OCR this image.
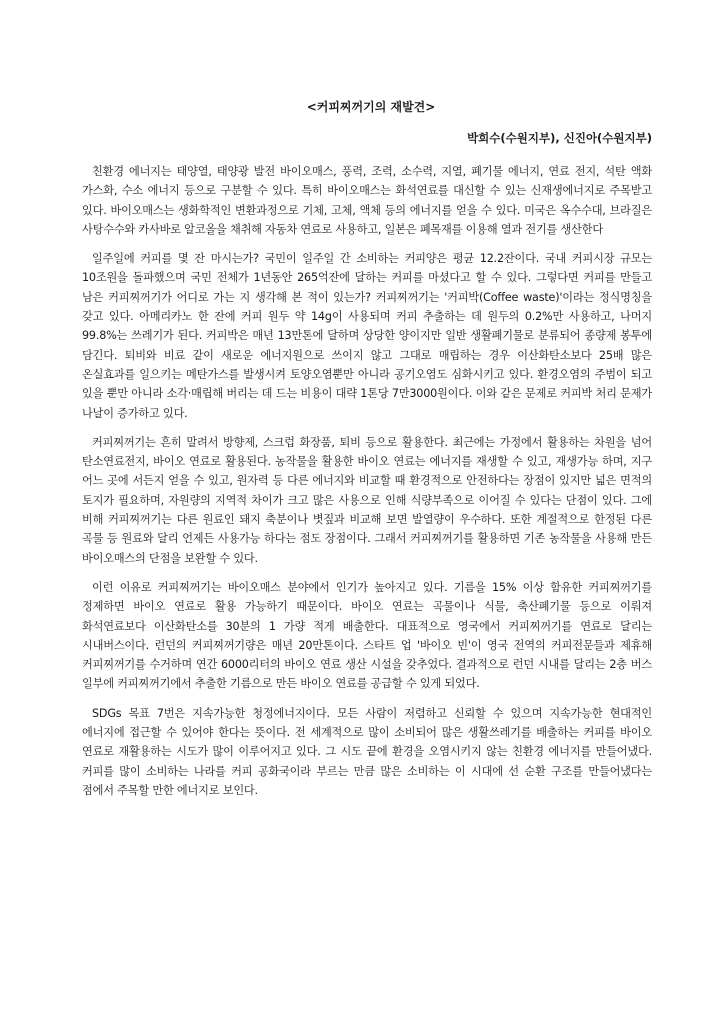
<커피찌꺼기의 재발견>
박희수(수원지부), 신진아(수원지부)

친환경 에너지는 태양열, 태양광 발전 바이오매스, 풍력, 조력, 소수력, 지열, 폐기물 에너지, 연료 전지, 석탄 액화 가스화, 수소 에너지 등으로 구분할 수 있다. 특히 바이오매스는 화석연료를 대신할 수 있는 신재생에너지로 주목받고 있다. 바이오매스는 생화학적인 변환과정으로 기체, 고체, 액체 등의 에너지를 얻을 수 있다. 미국은 옥수수대, 브라질은 사탕수수와 카사바로 알코올을 채취해 자동차 연료로 사용하고, 일본은 폐목재를 이용해 열과 전기를 생산한다

일주일에 커피를 몇 잔 마시는가? 국민이 일주일 간 소비하는 커피양은 평균 12.2잔이다. 국내 커피시장 규모는 10조원을 돌파했으며 국민 전체가 1년동안 265억잔에 달하는 커피를 마셨다고 할 수 있다. 그렇다면 커피를 만들고 남은 커피찌꺼기가 어디로 가는 지 생각해 본 적이 있는가? 커피찌꺼기는 '커피박(Coffee waste)'이라는 정식명칭을 갖고 있다. 아메리카노 한 잔에 커피 원두 약 14g이 사용되며 커피 추출하는 데 원두의 0.2%만 사용하고, 나머지 99.8%는 쓰레기가 된다. 커피박은 매년 13만톤에 달하며 상당한 양이지만 일반 생활폐기물로 분류되어 종량제 봉투에 담긴다. 퇴비와 비료 같이 새로운 에너지원으로 쓰이지 않고 그대로 매립하는 경우 이산화탄소보다 25배 많은 온실효과를 일으키는 메탄가스를 발생시켜 토양오염뿐만 아니라 공기오염도 심화시키고 있다. 환경오염의 주범이 되고 있을 뿐만 아니라 소각·매립해 버리는 데 드는 비용이 대략 1톤당 7만3000원이다. 이와 같은 문제로 커피박 처리 문제가 나날이 증가하고 있다.

커피찌꺼기는 흔히 말려서 방향제, 스크럽 화장품, 퇴비 등으로 활용한다. 최근에는 가정에서 활용하는 차원을 넘어 탄소연료전지, 바이오 연료로 활용된다. 농작물을 활용한 바이오 연료는 에너지를 재생할 수 있고, 재생가능 하며, 지구 어느 곳에 서든지 얻을 수 있고, 원자력 등 다른 에너지와 비교할 때 환경적으로 안전하다는 장점이 있지만 넓은 면적의 토지가 필요하며, 자원량의 지역적 차이가 크고 많은 사용으로 인해 식량부족으로 이어질 수 있다는 단점이 있다. 그에 비해 커피찌꺼기는 다른 원료인 돼지 축분이나 볏짚과 비교해 보면 발열량이 우수하다. 또한 계절적으로 한정된 다른 곡물 등 원료와 달리 언제든 사용가능 하다는 점도 장점이다. 그래서 커피찌꺼기를 활용하면 기존 농작물을 사용해 만든 바이오매스의 단점을 보완할 수 있다.

이런 이유로 커피찌꺼기는 바이오매스 분야에서 인기가 높아지고 있다. 기름을 15% 이상 함유한 커피찌꺼기를 정제하면 바이오 연료로 활용 가능하기 때문이다. 바이오 연료는 곡물이나 식물, 축산폐기물 등으로 이뤄져 화석연료보다 이산화탄소를 30분의 1 가량 적게 배출한다. 대표적으로 영국에서 커피찌꺼기를 연료로 달리는 시내버스이다. 런던의 커피찌꺼기량은 매년 20만톤이다. 스타트 업 '바이오 빈'이 영국 전역의 커피전문들과 제휴해 커피찌꺼기를 수거하며 연간 6000리터의 바이오 연료 생산 시설을 갖추었다. 결과적으로 런던 시내를 달리는 2층 버스 일부에 커피찌꺼기에서 추출한 기름으로 만든 바이오 연료를 공급할 수 있게 되었다.

SDGs 목표 7번은 지속가능한 청정에너지이다. 모든 사람이 저렴하고 신뢰할 수 있으며 지속가능한 현대적인 에너지에 접근할 수 있어야 한다는 뜻이다. 전 세계적으로 많이 소비되어 많은 생활쓰레기를 배출하는 커피를 바이오 연료로 재활용하는 시도가 많이 이루어지고 있다. 그 시도 끝에 환경을 오염시키지 않는 친환경 에너지를 만들어냈다. 커피를 많이 소비하는 나라를 커피 공화국이라 부르는 만큼 많은 소비하는 이 시대에 선 순환 구조를 만들어냈다는 점에서 주목할 만한 에너지로 보인다.
